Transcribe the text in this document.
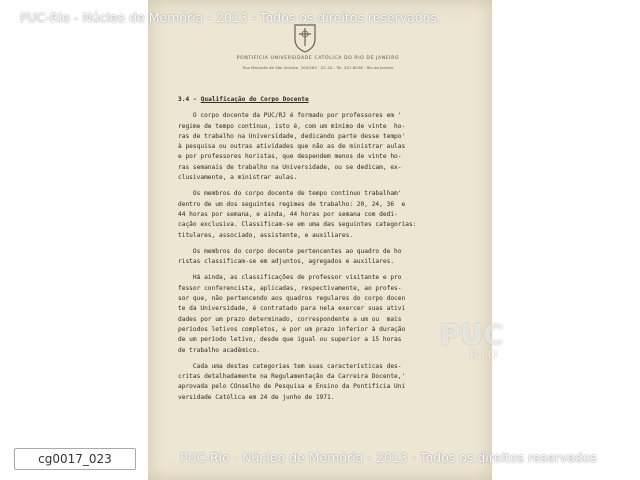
PONTIFÍCIA UNIVERSIDADE CATÓLICA DO RIO DE JANEIRO
Rua Marquês de São Vicente, 209/263 - ZC-20 - Tel. 247-8036 - Rio de Janeiro
3.4 - Qualificação do Corpo Docente
O corpo docente da PUC/RJ é formado por professores em '
regime de tempo contínuo, isto é, com um mínimo de vinte  ho-
ras de trabalho na Universidade, dedicando parte desse tempo'
à pesquisa ou outras atividades que não as de ministrar aulas
e por professores horistas, que despendem menos de vinte ho-
ras semanais de trabalho na Universidade, ou se dedicam, ex-
clusivamente, a ministrar aulas.
Os membros do corpo docente de tempo contínuo trabalham'
dentro de um dos seguintes regimes de trabalho: 20, 24, 36  e
44 horas por semana, e ainda, 44 horas por semana com dedi-
cação exclusiva. Classificam-se em uma das seguintes categorias:
titulares, associado, assistente, e auxiliares.
Os membros do corpo docente pertencentes ao quadro de ho
ristas classificam-se em adjuntos, agregados e auxiliares.
Há ainda, as classificações de professor visitante e pro
fessor conferencista, aplicadas, respectivamente, ao profes-
sor que, não pertencendo aos quadros regulares do corpo docen
te da Universidade, é contratado para nela exercer suas ativi
dades por um prazo determinado, correspondente a um ou  mais
períodos letivos completos, e por um prazo inferior à duração
de um período letivo, desde que igual ou superior a 15 horas
de trabalho acadêmico.
Cada uma destas categorias tem suas características des-
critas detalhadamente na Regulamentação da Carreira Docente,'
aprovada pelo COnselho de Pesquisa e Ensino da Pontifícia Uni
versidade Católica em 24 de junho de 1971.
PUC-Rio - Núcleo de Memória - 2013 - Todos os direitos reservados.
PUC
RIO
PUC-Rio - Núcleo de Memória - 2013 - Todos os direitos reservados
cg0017_023
